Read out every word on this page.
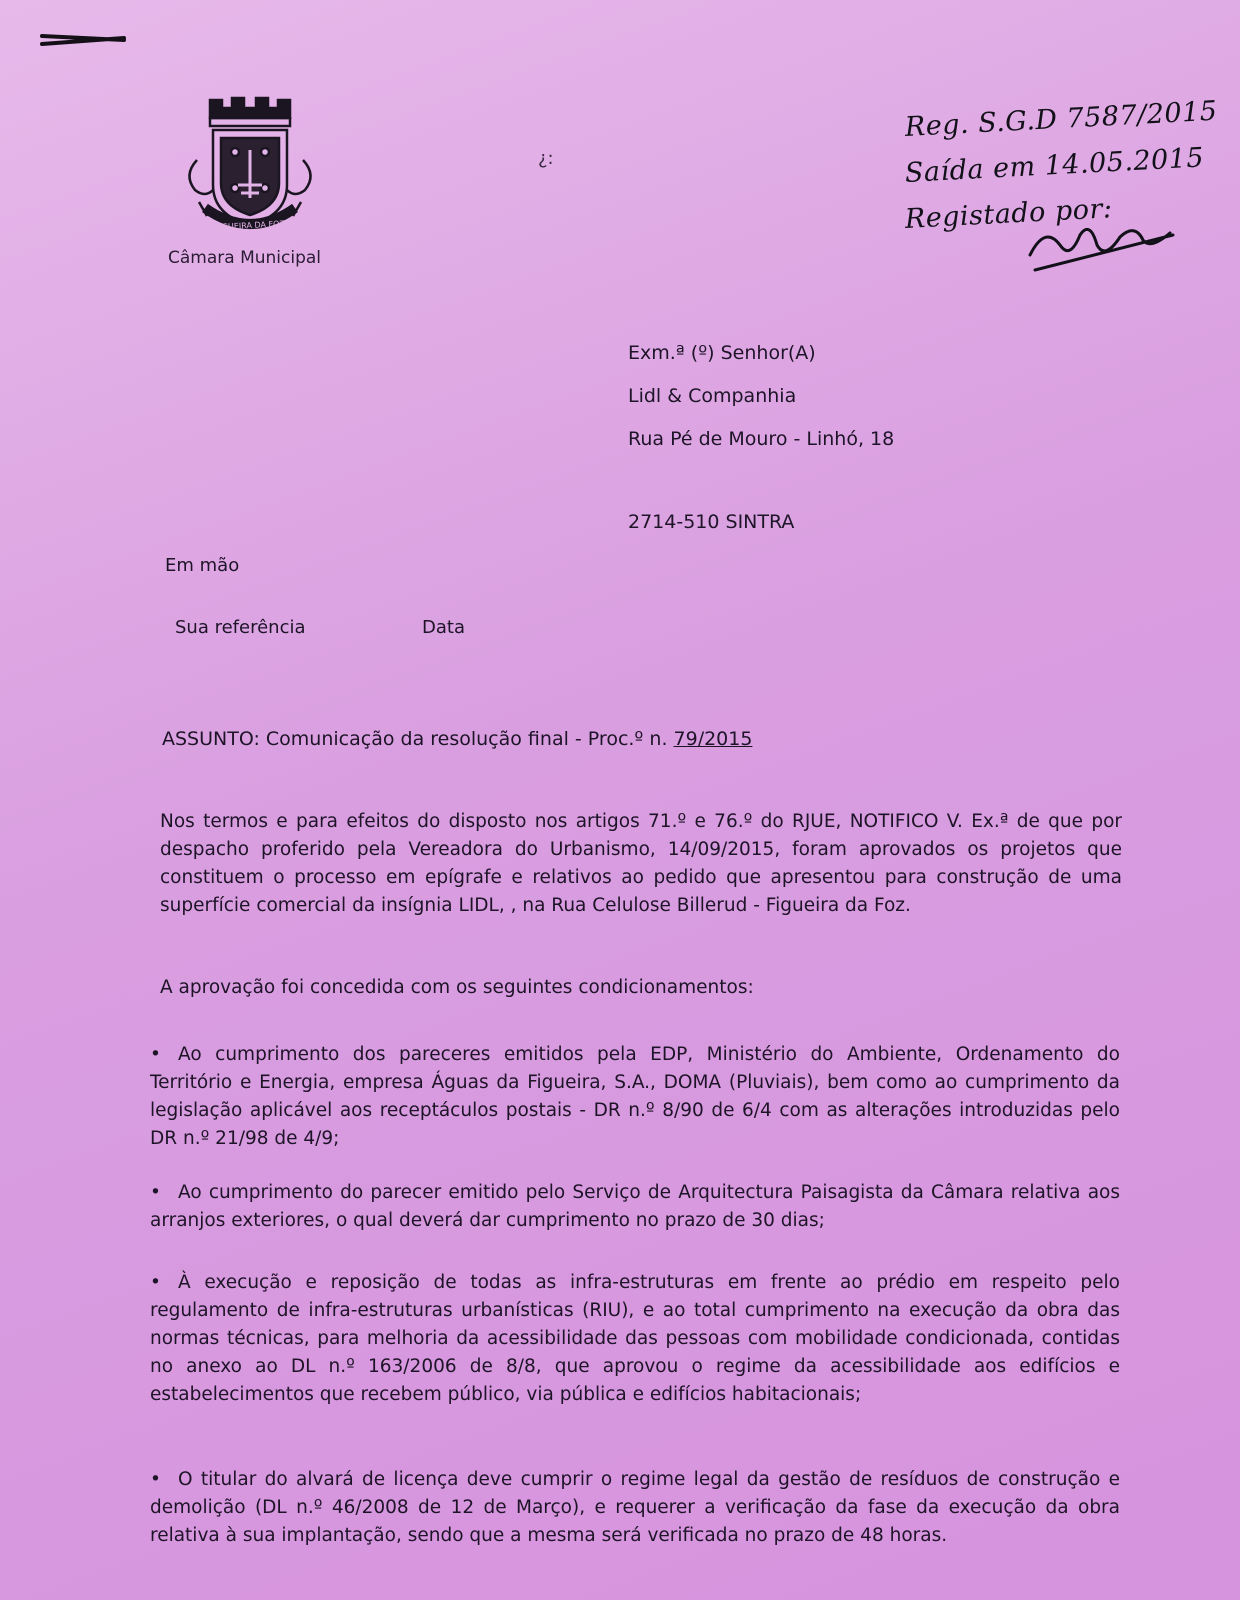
FIGUEIRA DA FOZ
Câmara Municipal
¿:
Reg. S.G.D 7587/2015
Saída em 14.05.2015
Registado por:
Exm.ª (º) Senhor(A)
Lidl & Companhia
Rua Pé de Mouro - Linhó, 18
2714-510 SINTRA
Em mão
Sua referência	Data
ASSUNTO: Comunicação da resolução final - Proc.º n. 79/2015
Nos termos e para efeitos do disposto nos artigos 71.º e 76.º do RJUE, NOTIFICO V. Ex.ª de que por despacho proferido pela Vereadora do Urbanismo, 14/09/2015, foram aprovados os projetos que constituem o processo em epígrafe e relativos ao pedido que apresentou para construção de uma superfície comercial da insígnia LIDL, , na Rua Celulose Billerud - Figueira da Foz.
A aprovação foi concedida com os seguintes condicionamentos:
• Ao cumprimento dos pareceres emitidos pela EDP, Ministério do Ambiente, Ordenamento do Território e Energia, empresa Águas da Figueira, S.A., DOMA (Pluviais), bem como ao cumprimento da legislação aplicável aos receptáculos postais - DR n.º 8/90 de 6/4 com as alterações introduzidas pelo DR n.º 21/98 de 4/9;
• Ao cumprimento do parecer emitido pelo Serviço de Arquitectura Paisagista da Câmara relativa aos arranjos exteriores, o qual deverá dar cumprimento no prazo de 30 dias;
• À execução e reposição de todas as infra-estruturas em frente ao prédio em respeito pelo regulamento de infra-estruturas urbanísticas (RIU), e ao total cumprimento na execução da obra das normas técnicas, para melhoria da acessibilidade das pessoas com mobilidade condicionada, contidas no anexo ao DL n.º 163/2006 de 8/8, que aprovou o regime da acessibilidade aos edifícios e estabelecimentos que recebem público, via pública e edifícios habitacionais;
• O titular do alvará de licença deve cumprir o regime legal da gestão de resíduos de construção e demolição (DL n.º 46/2008 de 12 de Março), e requerer a verificação da fase da execução da obra relativa à sua implantação, sendo que a mesma será verificada no prazo de 48 horas.
